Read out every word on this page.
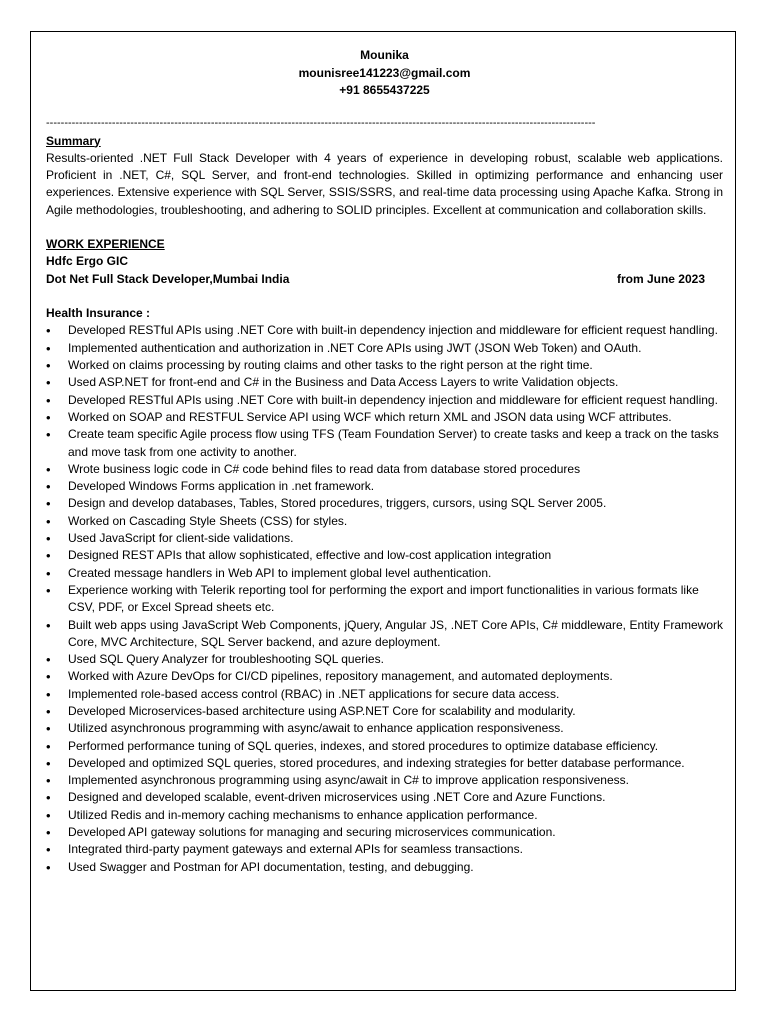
Mounika
mounisree141223@gmail.com
+91 8655437225
------------------------------------------------------------------------------------------------------------------------------------------------------
Summary
Results-oriented .NET Full Stack Developer with 4 years of experience in developing robust, scalable web applications. Proficient in .NET, C#, SQL Server, and front-end technologies. Skilled in optimizing performance and enhancing user experiences. Extensive experience with SQL Server, SSIS/SSRS, and real-time data processing using Apache Kafka. Strong in Agile methodologies, troubleshooting, and adhering to SOLID principles. Excellent at communication and collaboration skills.
WORK EXPERIENCE
Hdfc Ergo GIC
Dot Net Full Stack Developer,Mumbai India	from June 2023
Health Insurance :
• Developed RESTful APIs using .NET Core with built-in dependency injection and middleware for efficient request handling.
• Implemented authentication and authorization in .NET Core APIs using JWT (JSON Web Token) and OAuth.
• Worked on claims processing by routing claims and other tasks to the right person at the right time.
• Used ASP.NET for front-end and C# in the Business and Data Access Layers to write Validation objects.
• Developed RESTful APIs using .NET Core with built-in dependency injection and middleware for efficient request handling.
• Worked on SOAP and RESTFUL Service API using WCF which return XML and JSON data using WCF attributes.
• Create team specific Agile process flow using TFS (Team Foundation Server) to create tasks and keep a track on the tasks and move task from one activity to another.
• Wrote business logic code in C# code behind files to read data from database stored procedures
• Developed Windows Forms application in .net framework.
• Design and develop databases, Tables, Stored procedures, triggers, cursors, using SQL Server 2005.
• Worked on Cascading Style Sheets (CSS) for styles.
• Used JavaScript for client-side validations.
• Designed REST APIs that allow sophisticated, effective and low-cost application integration
• Created message handlers in Web API to implement global level authentication.
• Experience working with Telerik reporting tool for performing the export and import functionalities in various formats like CSV, PDF, or Excel Spread sheets etc.
• Built web apps using JavaScript Web Components, jQuery, Angular JS, .NET Core APIs, C# middleware, Entity Framework Core, MVC Architecture, SQL Server backend, and azure deployment.
• Used SQL Query Analyzer for troubleshooting SQL queries.
• Worked with Azure DevOps for CI/CD pipelines, repository management, and automated deployments.
• Implemented role-based access control (RBAC) in .NET applications for secure data access.
• Developed Microservices-based architecture using ASP.NET Core for scalability and modularity.
• Utilized asynchronous programming with async/await to enhance application responsiveness.
• Performed performance tuning of SQL queries, indexes, and stored procedures to optimize database efficiency.
• Developed and optimized SQL queries, stored procedures, and indexing strategies for better database performance.
• Implemented asynchronous programming using async/await in C# to improve application responsiveness.
• Designed and developed scalable, event-driven microservices using .NET Core and Azure Functions.
• Utilized Redis and in-memory caching mechanisms to enhance application performance.
• Developed API gateway solutions for managing and securing microservices communication.
• Integrated third-party payment gateways and external APIs for seamless transactions.
• Used Swagger and Postman for API documentation, testing, and debugging.
